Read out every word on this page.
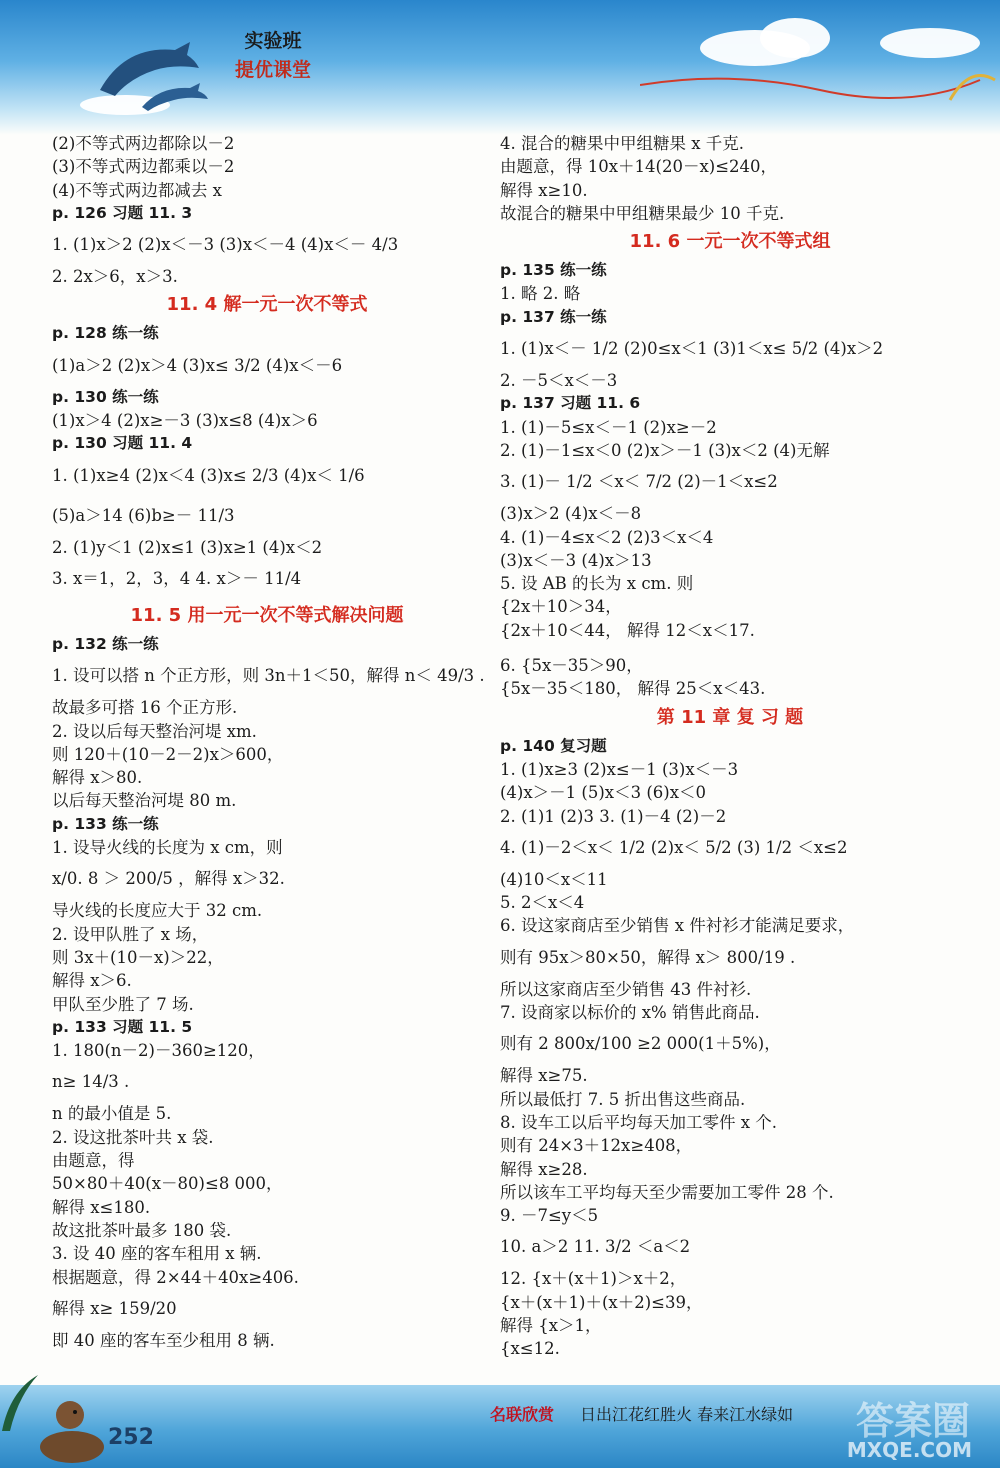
实验班
提优课堂
(2)不等式两边都除以－2
(3)不等式两边都乘以－2
(4)不等式两边都减去 x
p. 126 习题 11. 3
1. (1)x＞2 (2)x＜－3 (3)x＜－4 (4)x＜－ 4/3
2. 2x＞6，x＞3.
11. 4 解一元一次不等式
p. 128 练一练
(1)a＞2 (2)x＞4 (3)x≤ 3/2 (4)x＜－6
p. 130 练一练
(1)x＞4 (2)x≥－3 (3)x≤8 (4)x＞6
p. 130 习题 11. 4
1. (1)x≥4 (2)x＜4 (3)x≤ 2/3 (4)x＜ 1/6
(5)a＞14 (6)b≥－ 11/3
2. (1)y＜1 (2)x≤1 (3)x≥1 (4)x＜2
3. x＝1，2，3，4 4. x＞－ 11/4
11. 5 用一元一次不等式解决问题
p. 132 练一练
1. 设可以搭 n 个正方形，则 3n＋1＜50，解得 n＜ 49/3 .
故最多可搭 16 个正方形.
2. 设以后每天整治河堤 xm.
则 120＋(10－2－2)x＞600，
解得 x＞80.
以后每天整治河堤 80 m.
p. 133 练一练
1. 设导火线的长度为 x cm，则
x/0. 8 ＞ 200/5 ，解得 x＞32.
导火线的长度应大于 32 cm.
2. 设甲队胜了 x 场，
则 3x＋(10－x)＞22，
解得 x＞6.
甲队至少胜了 7 场.
p. 133 习题 11. 5
1. 180(n－2)－360≥120，
n≥ 14/3 .
n 的最小值是 5.
2. 设这批茶叶共 x 袋.
由题意，得
50×80＋40(x－80)≤8 000，
解得 x≤180.
故这批茶叶最多 180 袋.
3. 设 40 座的客车租用 x 辆.
根据题意，得 2×44＋40x≥406.
解得 x≥ 159/20
即 40 座的客车至少租用 8 辆.
4. 混合的糖果中甲组糖果 x 千克.
由题意，得 10x＋14(20－x)≤240，
解得 x≥10.
故混合的糖果中甲组糖果最少 10 千克.
11. 6 一元一次不等式组
p. 135 练一练
1. 略 2. 略
p. 137 练一练
1. (1)x＜－ 1/2 (2)0≤x＜1 (3)1＜x≤ 5/2 (4)x＞2
2. －5＜x＜－3
p. 137 习题 11. 6
1. (1)－5≤x＜－1 (2)x≥－2
2. (1)－1≤x＜0 (2)x＞－1 (3)x＜2 (4)无解
3. (1)－ 1/2 ＜x＜ 7/2 (2)－1＜x≤2
(3)x＞2 (4)x＜－8
4. (1)－4≤x＜2 (2)3＜x＜4
(3)x＜－3 (4)x＞13
5. 设 AB 的长为 x cm. 则
{2x＋10＞34，
{2x＋10＜44， 解得 12＜x＜17.
6. {5x－35＞90，
{5x－35＜180， 解得 25＜x＜43.
第 11 章 复 习 题
p. 140 复习题
1. (1)x≥3 (2)x≤－1 (3)x＜－3
(4)x＞－1 (5)x＜3 (6)x＜0
2. (1)1 (2)3 3. (1)－4 (2)－2
4. (1)－2＜x＜ 1/2 (2)x＜ 5/2 (3) 1/2 ＜x≤2
(4)10＜x＜11
5. 2＜x＜4
6. 设这家商店至少销售 x 件衬衫才能满足要求，
则有 95x＞80×50，解得 x＞ 800/19 .
所以这家商店至少销售 43 件衬衫.
7. 设商家以标价的 x% 销售此商品.
则有 2 800x/100 ≥2 000(1＋5%)，
解得 x≥75.
所以最低打 7. 5 折出售这些商品.
8. 设车工以后平均每天加工零件 x 个.
则有 24×3＋12x≥408，
解得 x≥28.
所以该车工平均每天至少需要加工零件 28 个.
9. －7≤y＜5
10. a＞2 11. 3/2 ＜a＜2
12. {x＋(x＋1)＞x＋2，
{x＋(x＋1)＋(x＋2)≤39，
解得 {x＞1，
{x≤12.
252
名联欣赏 日出江花红胜火 春来江水绿如 答案圈
MXQE.COM
